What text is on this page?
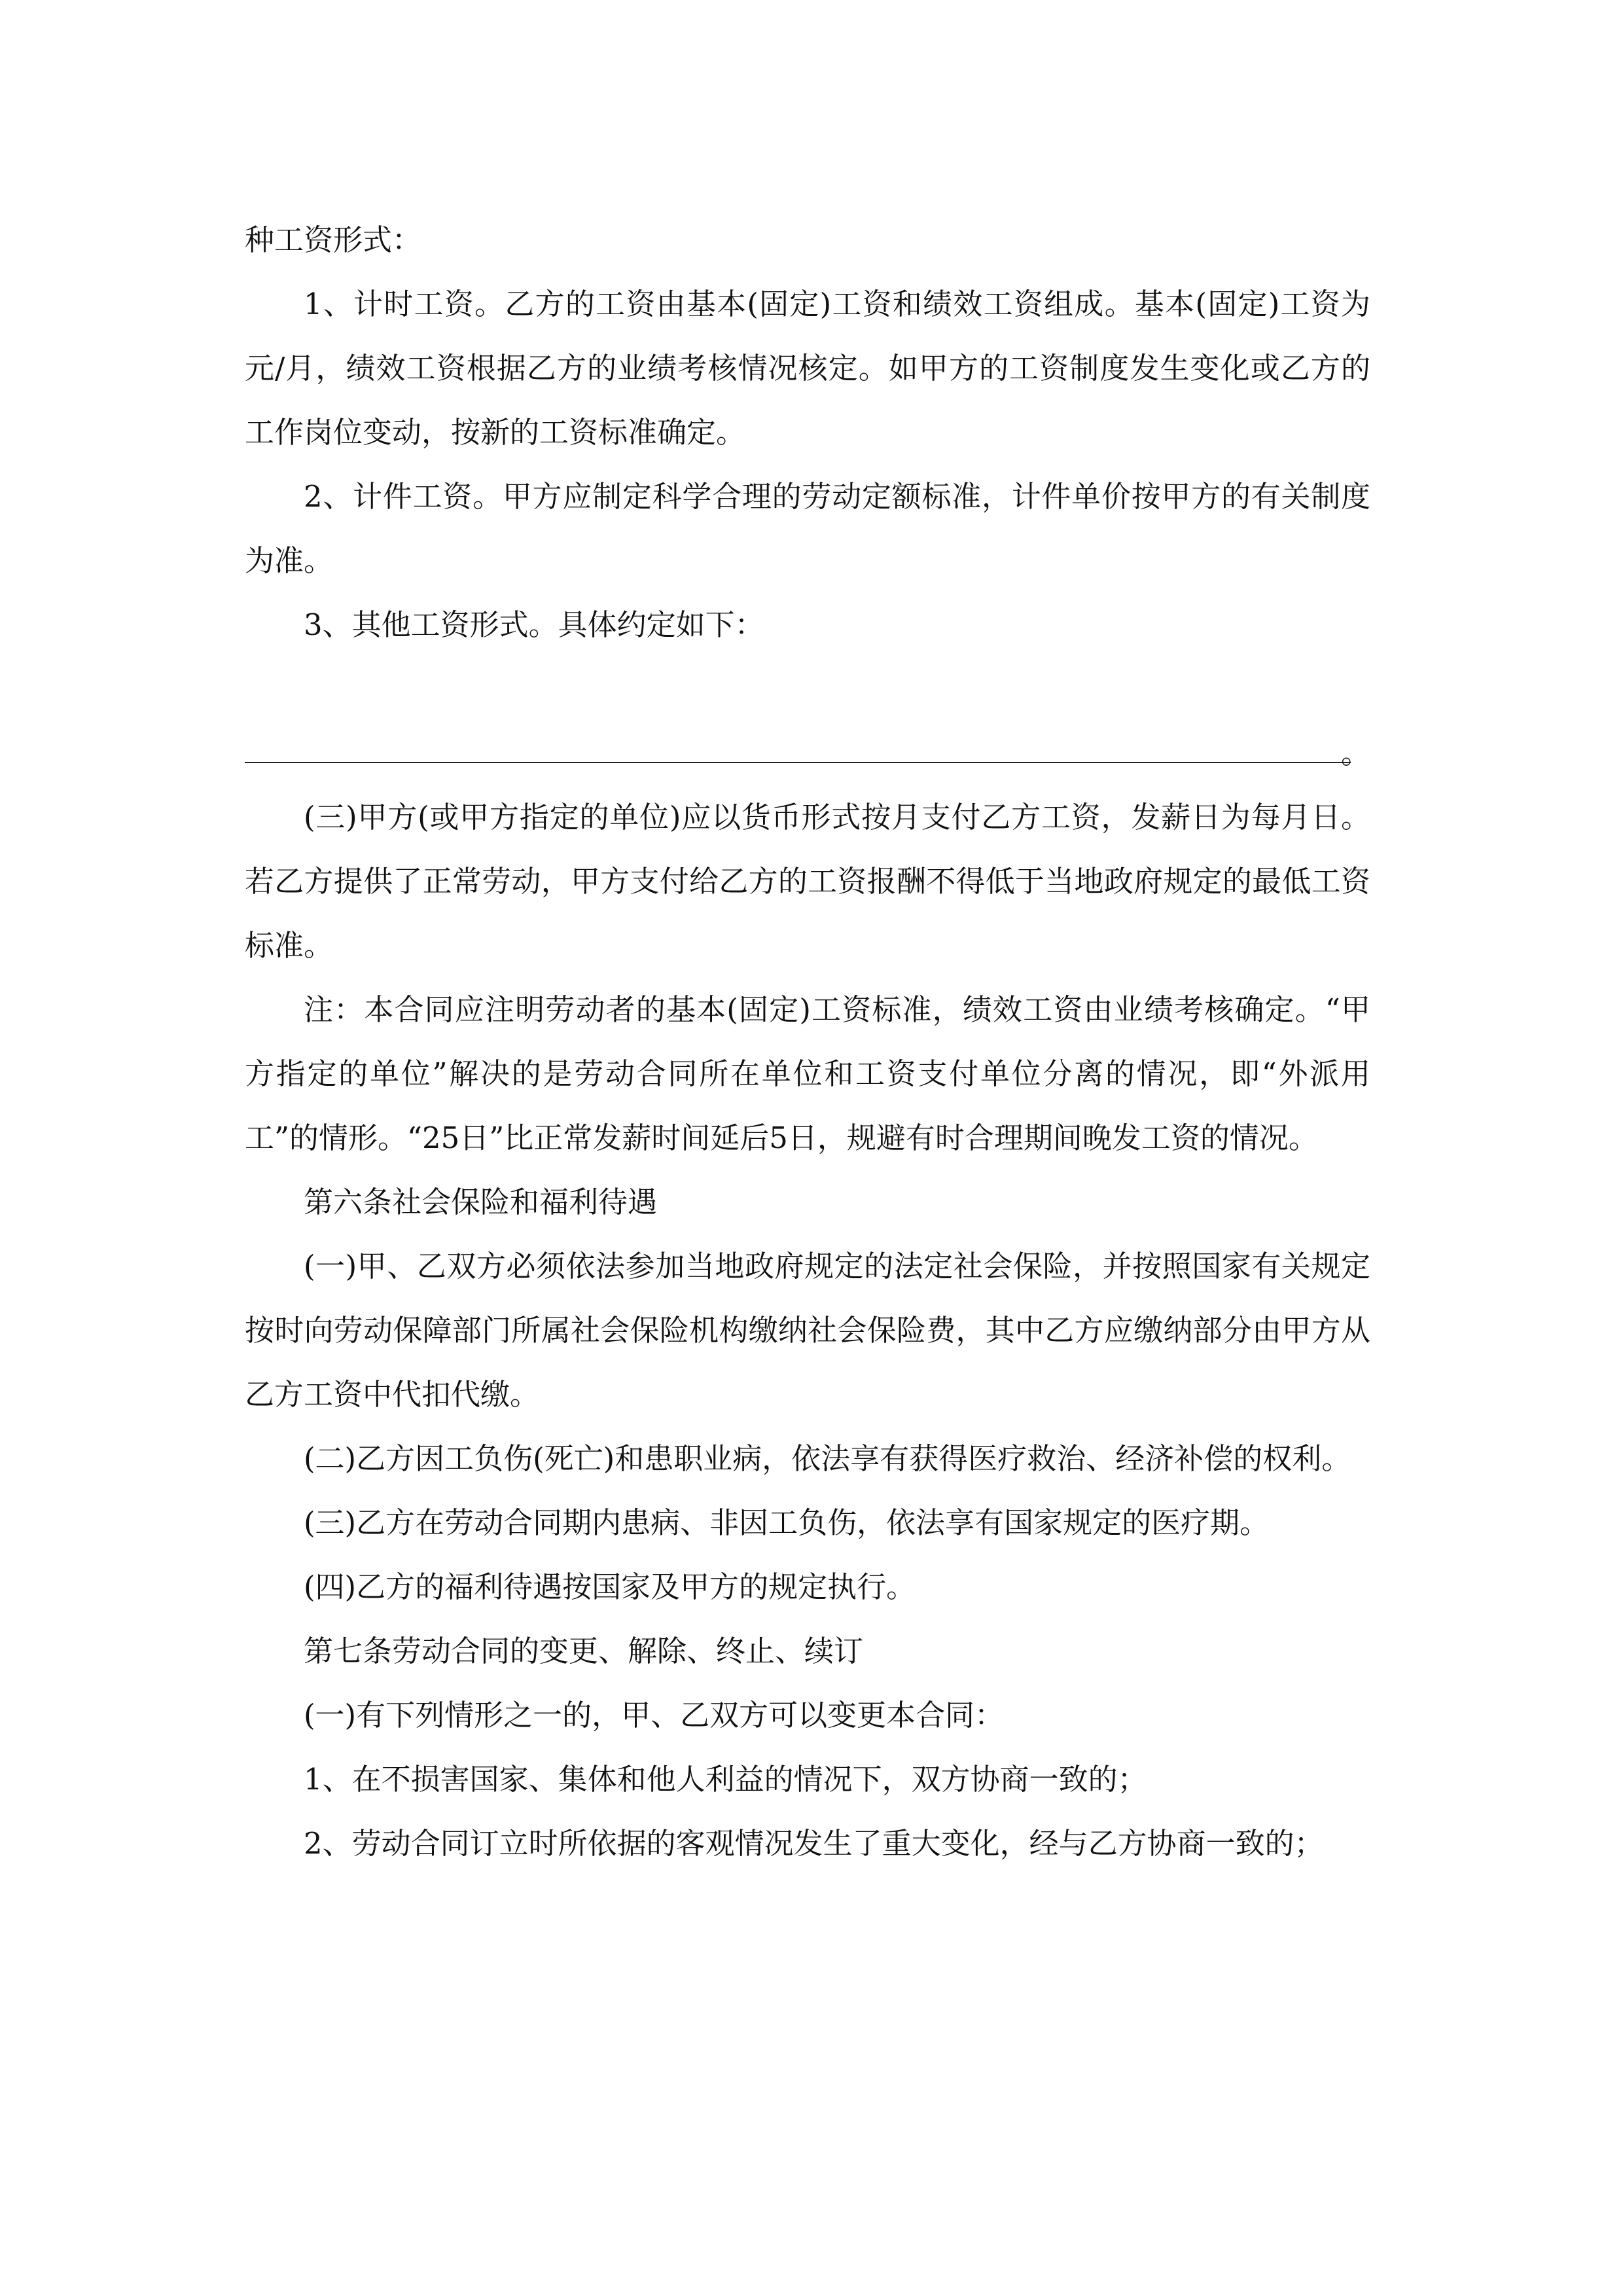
种工资形式：

1、计时工资。乙方的工资由基本(固定)工资和绩效工资组成。基本(固定)工资为元/月，绩效工资根据乙方的业绩考核情况核定。如甲方的工资制度发生变化或乙方的工作岗位变动，按新的工资标准确定。

2、计件工资。甲方应制定科学合理的劳动定额标准，计件单价按甲方的有关制度为准。

3、其他工资形式。具体约定如下：

。

(三)甲方(或甲方指定的单位)应以货币形式按月支付乙方工资，发薪日为每月日。若乙方提供了正常劳动，甲方支付给乙方的工资报酬不得低于当地政府规定的最低工资标准。

注：本合同应注明劳动者的基本(固定)工资标准，绩效工资由业绩考核确定。“甲方指定的单位”解决的是劳动合同所在单位和工资支付单位分离的情况，即“外派用工”的情形。“25日”比正常发薪时间延后5日，规避有时合理期间晚发工资的情况。

第六条社会保险和福利待遇

(一)甲、乙双方必须依法参加当地政府规定的法定社会保险，并按照国家有关规定按时向劳动保障部门所属社会保险机构缴纳社会保险费，其中乙方应缴纳部分由甲方从乙方工资中代扣代缴。

(二)乙方因工负伤(死亡)和患职业病，依法享有获得医疗救治、经济补偿的权利。

(三)乙方在劳动合同期内患病、非因工负伤，依法享有国家规定的医疗期。

(四)乙方的福利待遇按国家及甲方的规定执行。

第七条劳动合同的变更、解除、终止、续订

(一)有下列情形之一的，甲、乙双方可以变更本合同：

1、在不损害国家、集体和他人利益的情况下，双方协商一致的；

2、劳动合同订立时所依据的客观情况发生了重大变化，经与乙方协商一致的；
